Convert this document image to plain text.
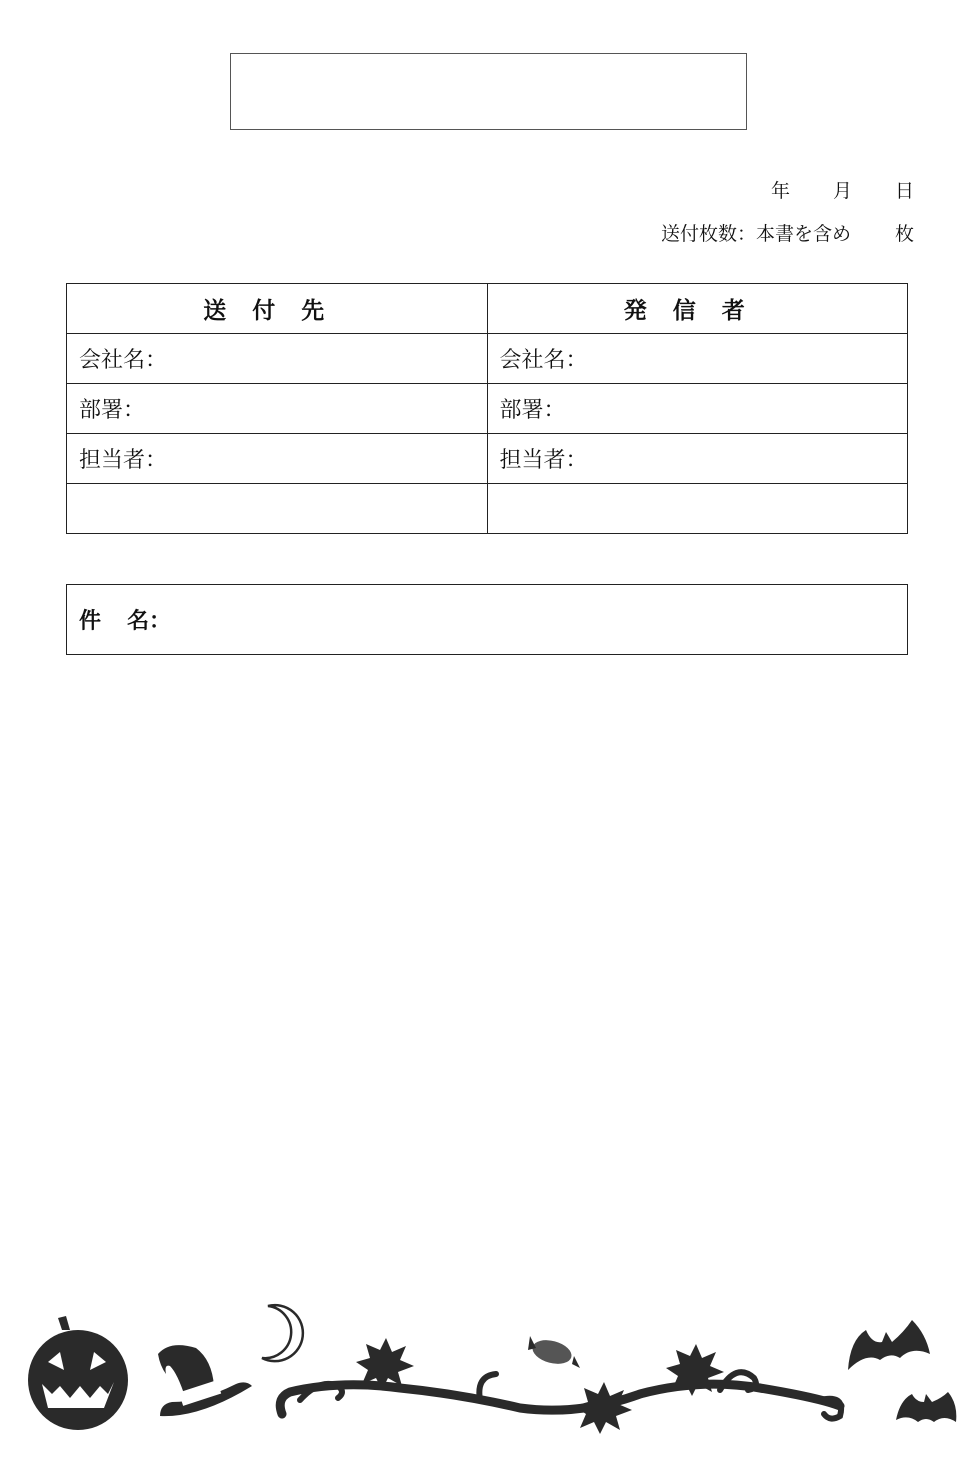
年	月	日
送付枚数：本書を含め 枚
送付先	発信者
会社名：	会社名：
部署：	部署：
担当者：	担当者：

件 名：
